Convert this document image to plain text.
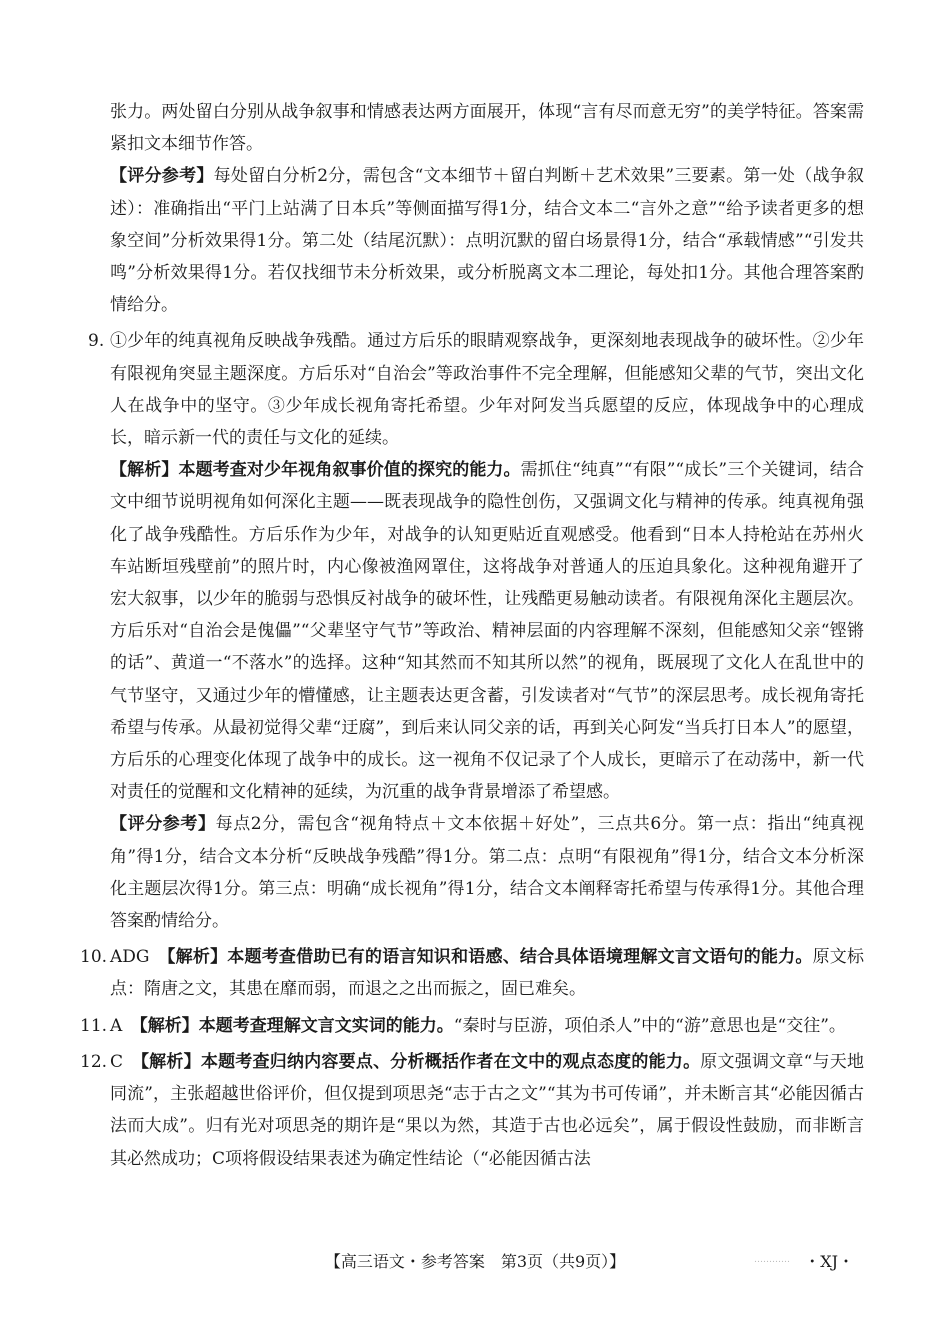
张力。两处留白分别从战争叙事和情感表达两方面展开，体现“言有尽而意无穷”的美学特征。答案需紧扣文本细节作答。

【评分参考】每处留白分析2分，需包含“文本细节＋留白判断＋艺术效果”三要素。第一处（战争叙述）：准确指出“平门上站满了日本兵”等侧面描写得1分，结合文本二“言外之意”“给予读者更多的想象空间”分析效果得1分。第二处（结尾沉默）：点明沉默的留白场景得1分，结合“承载情感”“引发共鸣”分析效果得1分。若仅找细节未分析效果，或分析脱离文本二理论，每处扣1分。其他合理答案酌情给分。

9. ①少年的纯真视角反映战争残酷。通过方后乐的眼睛观察战争，更深刻地表现战争的破坏性。②少年有限视角突显主题深度。方后乐对“自治会”等政治事件不完全理解，但能感知父辈的气节，突出文化人在战争中的坚守。③少年成长视角寄托希望。少年对阿发当兵愿望的反应，体现战争中的心理成长，暗示新一代的责任与文化的延续。

【解析】本题考查对少年视角叙事价值的探究的能力。需抓住“纯真”“有限”“成长”三个关键词，结合文中细节说明视角如何深化主题——既表现战争的隐性创伤，又强调文化与精神的传承。纯真视角强化了战争残酷性。方后乐作为少年，对战争的认知更贴近直观感受。他看到“日本人持枪站在苏州火车站断垣残壁前”的照片时，内心像被渔网罩住，这将战争对普通人的压迫具象化。这种视角避开了宏大叙事，以少年的脆弱与恐惧反衬战争的破坏性，让残酷更易触动读者。有限视角深化主题层次。方后乐对“自治会是傀儡”“父辈坚守气节”等政治、精神层面的内容理解不深刻，但能感知父亲“铿锵的话”、黄道一“不落水”的选择。这种“知其然而不知其所以然”的视角，既展现了文化人在乱世中的气节坚守，又通过少年的懵懂感，让主题表达更含蓄，引发读者对“气节”的深层思考。成长视角寄托希望与传承。从最初觉得父辈“迂腐”，到后来认同父亲的话，再到关心阿发“当兵打日本人”的愿望，方后乐的心理变化体现了战争中的成长。这一视角不仅记录了个人成长，更暗示了在动荡中，新一代对责任的觉醒和文化精神的延续，为沉重的战争背景增添了希望感。

【评分参考】每点2分，需包含“视角特点＋文本依据＋好处”，三点共6分。第一点：指出“纯真视角”得1分，结合文本分析“反映战争残酷”得1分。第二点：点明“有限视角”得1分，结合文本分析深化主题层次得1分。第三点：明确“成长视角”得1分，结合文本阐释寄托希望与传承得1分。其他合理答案酌情给分。

10. ADG　【解析】本题考查借助已有的语言知识和语感、结合具体语境理解文言文语句的能力。原文标点：隋唐之文，其患在靡而弱，而退之之出而振之，固已难矣。

11. A　【解析】本题考查理解文言文实词的能力。“秦时与臣游，项伯杀人”中的“游”意思也是“交往”。

12. C　【解析】本题考查归纳内容要点、分析概括作者在文中的观点态度的能力。原文强调文章“与天地同流”，主张超越世俗评价，但仅提到项思尧“志于古之文”“其为书可传诵”，并未断言其“必能因循古法而大成”。归有光对项思尧的期许是“果以为然，其造于古也必远矣”，属于假设性鼓励，而非断言其必然成功；C项将假设结果表述为确定性结论（“必能因循古法

【高三语文・参考答案　第3页（共9页）】	………… ・XJ・
